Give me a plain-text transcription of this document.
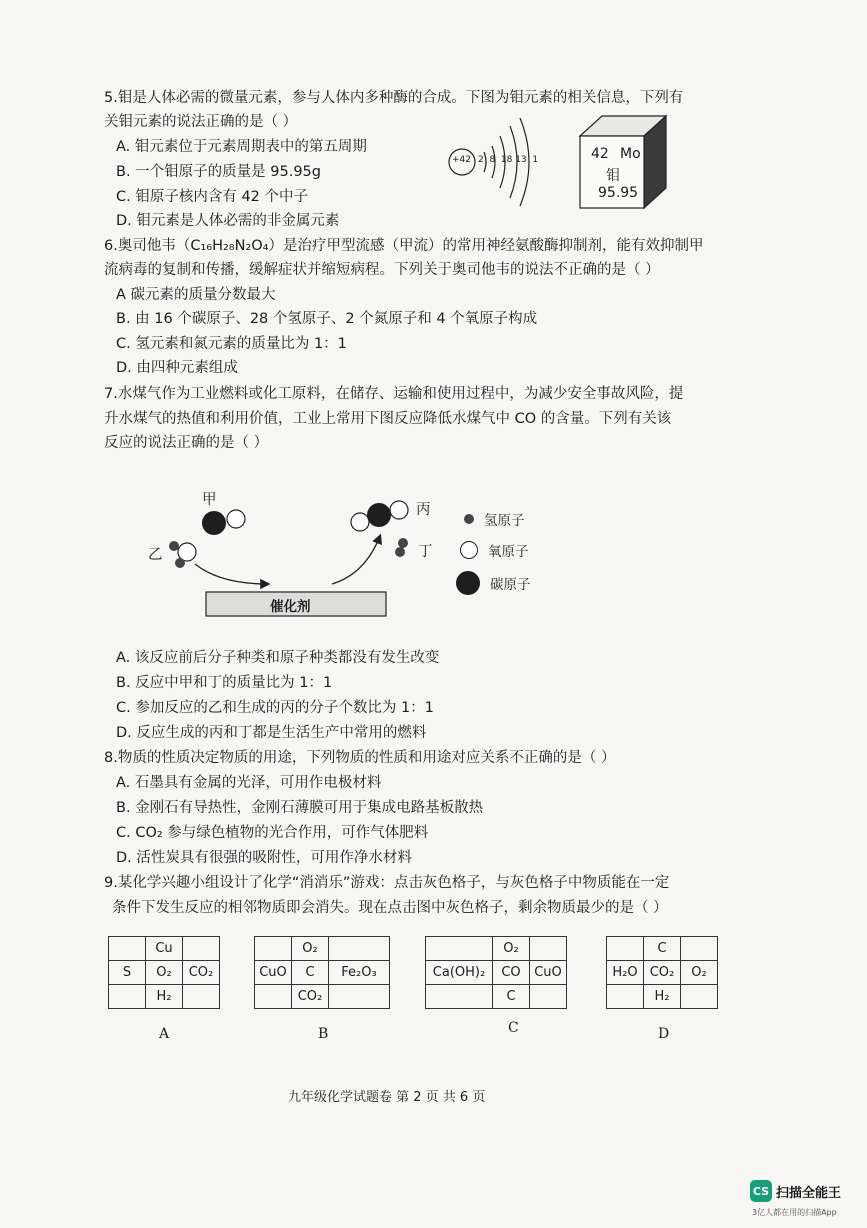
5.钼是人体必需的微量元素，参与人体内多种酶的合成。下图为钼元素的相关信息，下列有
关钼元素的说法正确的是（ ）
A. 钼元素位于元素周期表中的第五周期
B. 一个钼原子的质量是 95.95g
C. 钼原子核内含有 42 个中子
D. 钼元素是人体必需的非金属元素
+42 2  8  18 13  1	42 Mo
钼
95.95
6.奥司他韦（C₁₆H₂₈N₂O₄）是治疗甲型流感（甲流）的常用神经氨酸酶抑制剂，能有效抑制甲
流病毒的复制和传播，缓解症状并缩短病程。下列关于奥司他韦的说法不正确的是（ ）
A 碳元素的质量分数最大
B. 由 16 个碳原子、28 个氢原子、2 个氮原子和 4 个氧原子构成
C. 氢元素和氮元素的质量比为 1：1
D. 由四种元素组成
7.水煤气作为工业燃料或化工原料，在储存、运输和使用过程中，为减少安全事故风险，提
升水煤气的热值和利用价值，工业上常用下图反应降低水煤气中 CO 的含量。下列有关该
反应的说法正确的是（ ）
催化剂
甲
乙
丙
丁
氢原子
氧原子
碳原子
A. 该反应前后分子种类和原子种类都没有发生改变
B. 反应中甲和丁的质量比为 1：1
C. 参加反应的乙和生成的丙的分子个数比为 1：1
D. 反应生成的丙和丁都是生活生产中常用的燃料
8.物质的性质决定物质的用途，下列物质的性质和用途对应关系不正确的是（ ）
A. 石墨具有金属的光泽，可用作电极材料
B. 金刚石有导热性，金刚石薄膜可用于集成电路基板散热
C. CO₂ 参与绿色植物的光合作用，可作气体肥料
D. 活性炭具有很强的吸附性，可用作净水材料
9.某化学兴趣小组设计了化学“消消乐”游戏：点击灰色格子，与灰色格子中物质能在一定
条件下发生反应的相邻物质即会消失。现在点击图中灰色格子，剩余物质最少的是（ ）
	Cu	
S	O₂	CO₂
	H₂	
A
	O₂	
CuO	C	Fe₂O₃
	CO₂	
B
	O₂	
Ca(OH)₂	CO	CuO
	C	
C
	C	
H₂O	CO₂	O₂
	H₂	
D
九年级化学试题卷 第 2 页 共 6 页
CS 扫描全能王
3亿人都在用的扫描App
